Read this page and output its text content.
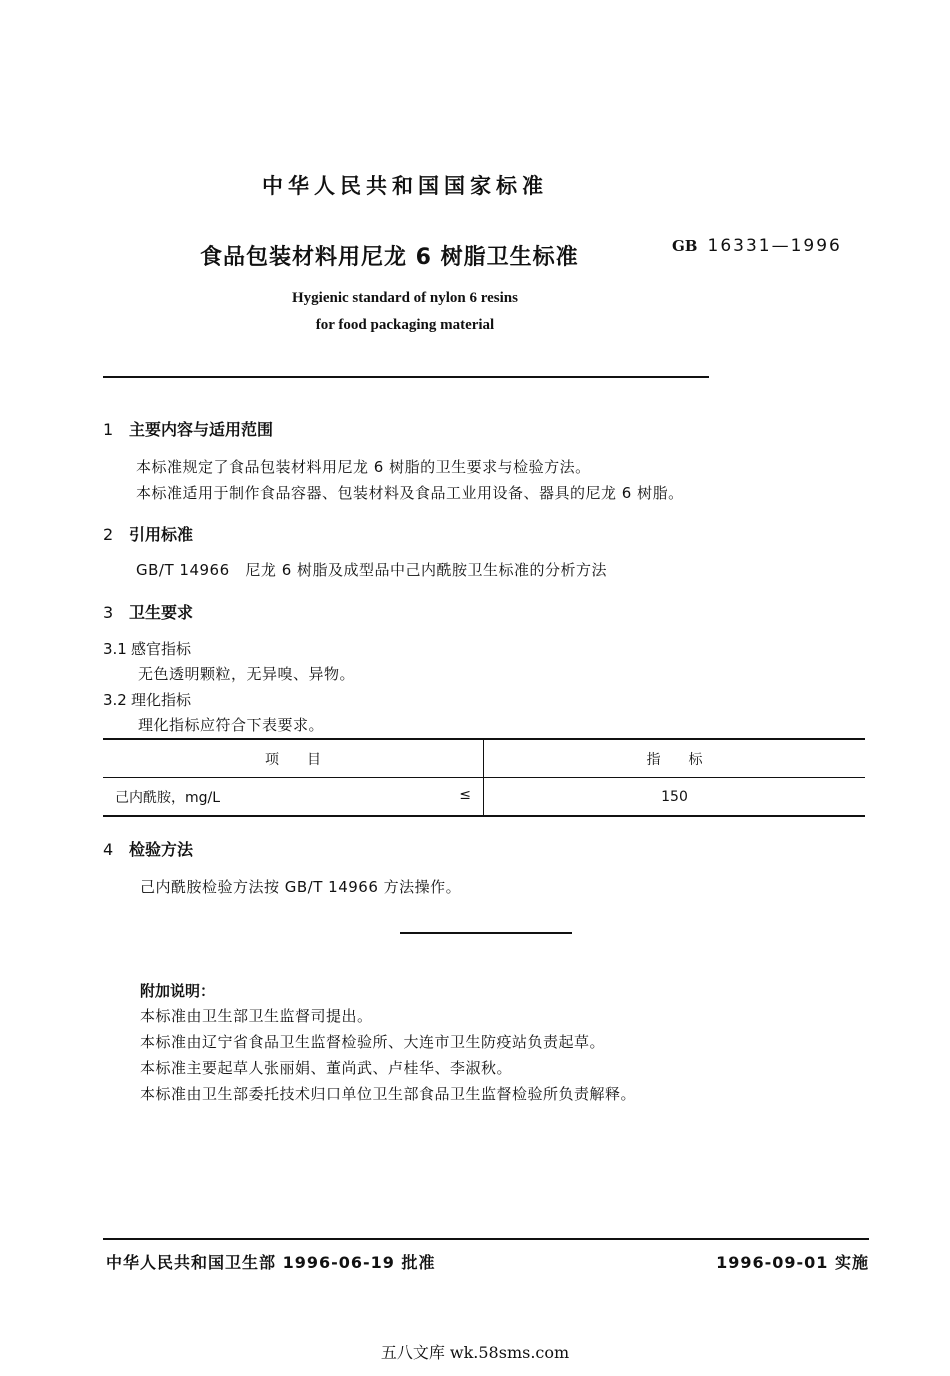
中华人民共和国国家标准
食品包装材料用尼龙 6 树脂卫生标准	GB 16331—1996
Hygienic standard of nylon 6 resins
for food packaging material
1 主要内容与适用范围
本标准规定了食品包装材料用尼龙 6 树脂的卫生要求与检验方法。
本标准适用于制作食品容器、包装材料及食品工业用设备、器具的尼龙 6 树脂。
2 引用标准
GB/T 14966   尼龙 6 树脂及成型品中己内酰胺卫生标准的分析方法
3 卫生要求
3.1 感官指标
无色透明颗粒，无异嗅、异物。
3.2 理化指标
理化指标应符合下表要求。
项　　目	指　　标
己内酰胺，mg/L ≤	150
4 检验方法
己内酰胺检验方法按 GB/T 14966 方法操作。
附加说明：
本标准由卫生部卫生监督司提出。
本标准由辽宁省食品卫生监督检验所、大连市卫生防疫站负责起草。
本标准主要起草人张丽娟、董尚武、卢桂华、李淑秋。
本标准由卫生部委托技术归口单位卫生部食品卫生监督检验所负责解释。
中华人民共和国卫生部 1996-06-19 批准	1996-09-01 实施
五八文库 wk.58sms.com
